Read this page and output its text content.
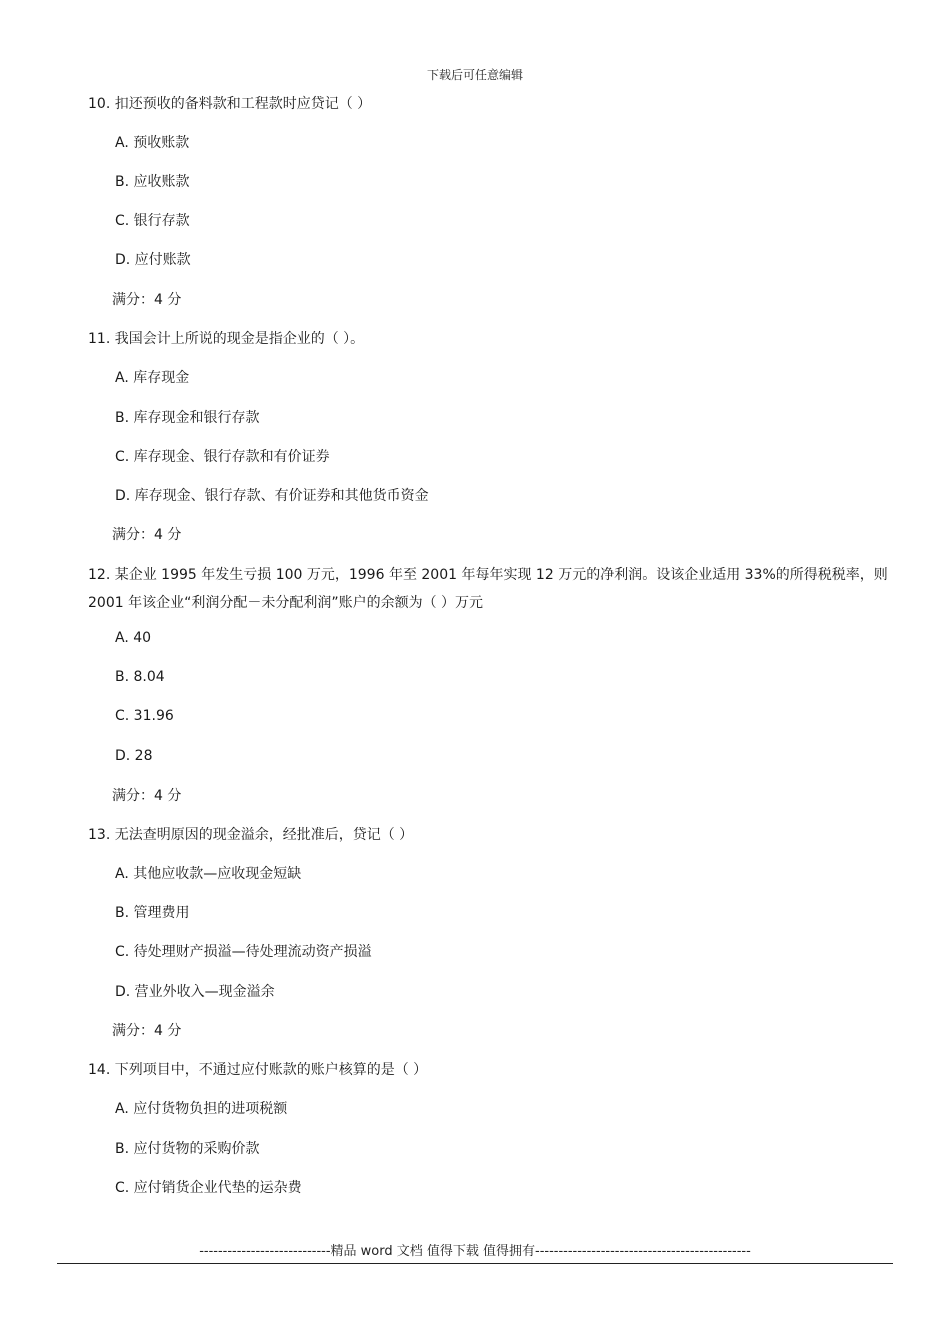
下载后可任意编辑
10. 扣还预收的备料款和工程款时应贷记（ ）
A. 预收账款
B. 应收账款
C. 银行存款
D. 应付账款
满分：4 分
11. 我国会计上所说的现金是指企业的（ ）。
A. 库存现金
B. 库存现金和银行存款
C. 库存现金、银行存款和有价证券
D. 库存现金、银行存款、有价证券和其他货币资金
满分：4 分
12. 某企业 1995 年发生亏损 100 万元，1996 年至 2001 年每年实现 12 万元的净利润。设该企业适用 33%的所得税税率，则 2001 年该企业“利润分配－未分配利润”账户的余额为（ ）万元
A. 40
B. 8.04
C. 31.96
D. 28
满分：4 分
13. 无法查明原因的现金溢余，经批准后，贷记（ ）
A. 其他应收款—应收现金短缺
B. 管理费用
C. 待处理财产损溢—待处理流动资产损溢
D. 营业外收入—现金溢余
满分：4 分
14. 下列项目中，不通过应付账款的账户核算的是（ ）
A. 应付货物负担的进项税额
B. 应付货物的采购价款
C. 应付销货企业代垫的运杂费
----------------------------精品 word 文档 值得下载 值得拥有----------------------------------------------
